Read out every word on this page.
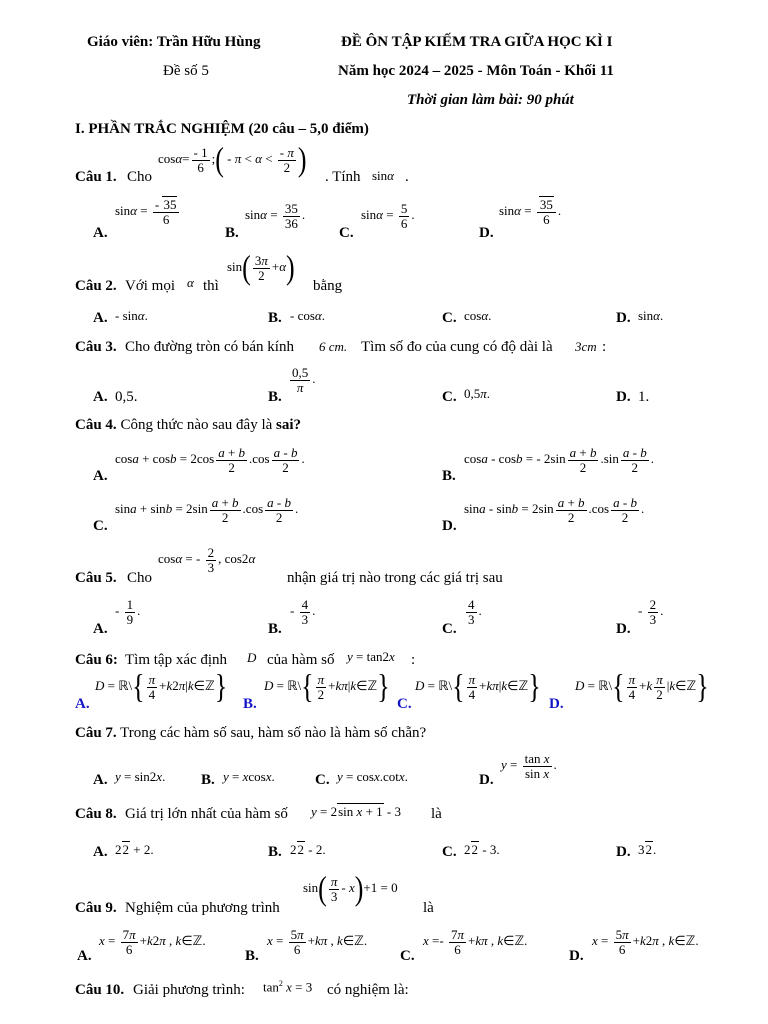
Giáo viên: Trần Hữu Hùng	ĐỀ ÔN TẬP KIẾM TRA GIỮA HỌC KÌ I
Đề số 5	Năm học 2024 – 2025 - Môn Toán - Khối 11
Thời gian làm bài: 90 phút
I. PHẦN TRẮC NGHIỆM (20 câu – 5,0 điểm)
Câu 1. Cho
$\cos\alpha= \frac{- 1}{6}$ ;( - $\pi < \alpha < \frac{- \pi}{2}$ ) . Tính sinα .
A.
$\sin\alpha = \frac{- 35}{6}$
B.
$\sin\alpha = \frac{35}{36}$ .
C.
$\sin\alpha = \frac{5}{6}$ .
D.
$\sin\alpha = \frac{35}{6}$ .
Câu 2. Với mọi α thì
$\sin( \frac{3\pi}{2} +\alpha)$ bằng
A. - sinα.	B. - cosα.	C. cosα.	D. sinα.
Câu 3. Cho đường tròn có bán kính 6 cm. Tìm số đo của cung có độ dài là 3cm :
A. 0,5.	B.
$\frac{0,5}{\pi}$ .
C. 0,5π.	D. 1.
Câu 4. Công thức nào sau đây là sai?
A.
$\cos a + \cos b = 2\cos \frac{a + b}{2} .\cos \frac{a - b}{2}$ .
B.
cosa - cosb = - $2\sin \frac{a + b}{2} .\sin \frac{a - b}{2}$ .
C.
$\sin a + \sin b = 2\sin \frac{a + b}{2} .\cos \frac{a - b}{2}$ .
D.
$\sin a - \sin b = 2\sin \frac{a + b}{2} .\cos \frac{a - b}{2}$ .
Câu 5. Cho
cosα = - $\frac{2}{3}$ , cos2α
nhận giá trị nào trong các giá trị sau
A.
- $\frac{1}{9}$ .
B.
- $\frac{4}{3}$ .
C.
$\frac{4}{3}$ .
D.
- $\frac{2}{3}$ .
Câu 6: Tìm tập xác định D của hàm số y = tan2x :
A.
D = ℝ\{ $\frac{\pi}{4}$ +k2π|k∈ℤ} B.
D = ℝ\{ $\frac{\pi}{2}$ +kπ|k∈ℤ} C.
D = ℝ\{ $\frac{\pi}{4}$ +kπ|k∈ℤ} D.
D = ℝ\{ $\frac{\pi}{4} +k \frac{\pi}{2}$ |k∈ℤ}
Câu 7. Trong các hàm số sau, hàm số nào là hàm số chẵn?
A. y = sin2x. B. y = xcosx.	C. y = cosx.cotx.	D.
$y = \frac{\text{tan x}}{\text{sin x}}$ .
Câu 8. Giá trị lớn nhất của hàm số y = 2sin x + 1 - 3 là
A. 22 + 2.	B. 22 - 2.	C. 22 - 3.	D. 32.
Câu 9. Nghiệm của phương trình
$\sin( \frac{\pi}{3} - x)+1 = 0$
là
A.
$x = \frac{7\pi}{6} +k2\pi$ , k∈ℤ.
B.
$x = \frac{5\pi}{6} +k\pi$ , k∈ℤ.
C.
$x =- \frac{7\pi}{6} +k\pi$ , k∈ℤ.
D.
$x = \frac{5\pi}{6} +k2\pi$ , k∈ℤ.
Câu 10. Giải phương trình: $\tan^2 x = 3$ có nghiệm là:
